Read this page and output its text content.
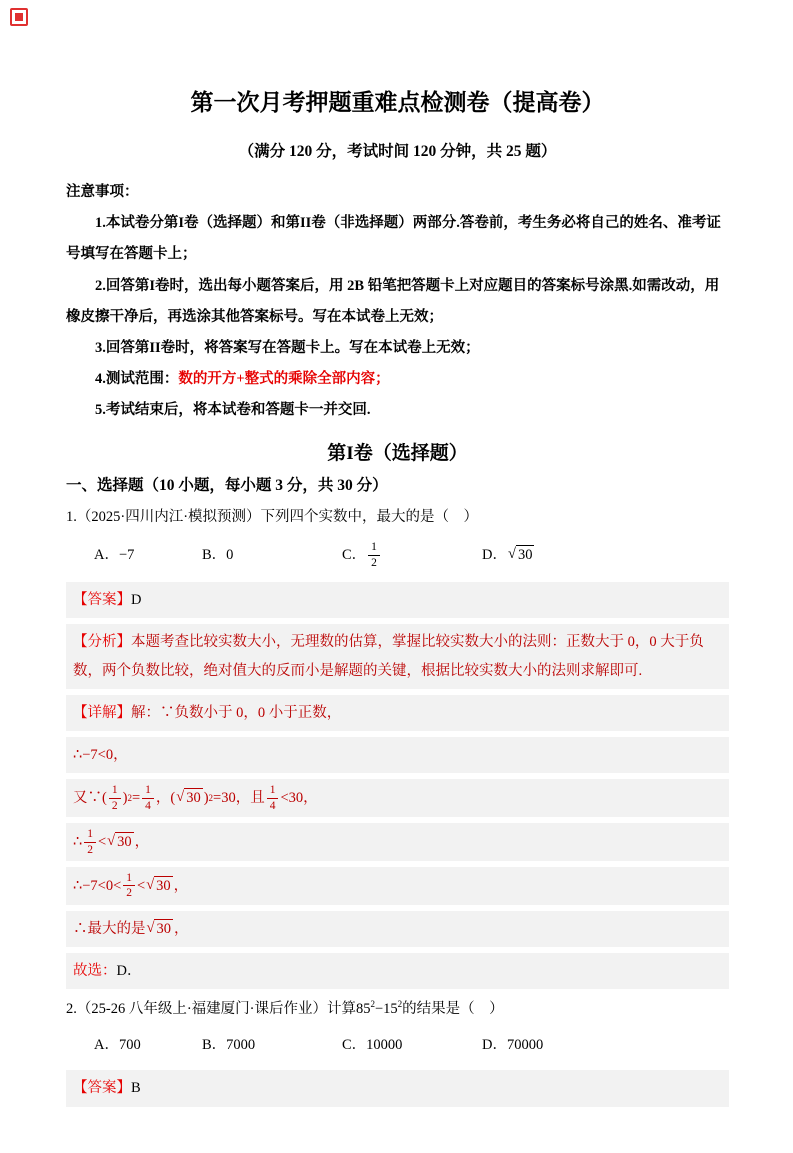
第一次月考押题重难点检测卷（提高卷）
（满分 120 分，考试时间 120 分钟，共 25 题）

注意事项：

1.本试卷分第I卷（选择题）和第II卷（非选择题）两部分.答卷前，考生务必将自己的姓名、准考证号填写在答题卡上；

2.回答第I卷时，选出每小题答案后，用 2B 铅笔把答题卡上对应题目的答案标号涂黑.如需改动，用橡皮擦干净后，再选涂其他答案标号。写在本试卷上无效；

3.回答第II卷时，将答案写在答题卡上。写在本试卷上无效；

4.测试范围：数的开方+整式的乘除全部内容；

5.考试结束后，将本试卷和答题卡一并交回.

第I卷（选择题）
一、选择题（10 小题，每小题 3 分，共 30 分）

1.（2025·四川内江·模拟预测）下列四个实数中，最大的是（　）

A． −7	B． 0	C． $\frac{1}{2}$	D． √ 30
【答案】D
【分析】本题考查比较实数大小，无理数的估算，掌握比较实数大小的法则：正数大于 0，0 大于负数，两个负数比较，绝对值大的反而小是解题的关键，根据比较实数大小的法则求解即可.
【详解】解：∵负数小于 0，0 小于正数，
∴−7<0，
又∵( $\frac{1}{2}$ ) $2 = \frac{1}{4}$ ，( √ 30 ) 2 =30，且 $\frac{1}{4} <30$，
∴ $\frac{1}{2}$ < √ 30 ，
∴−7<0< $\frac{1}{2}$ < √ 30 ，
∴最大的是 √ 30 ，
故选：D．

2.（25-26 八年级上·福建厦门·课后作业）计算$85^2-15^2$的结果是（　）

A． 700	B． 7000	C． 10000	D． 70000
【答案】B
